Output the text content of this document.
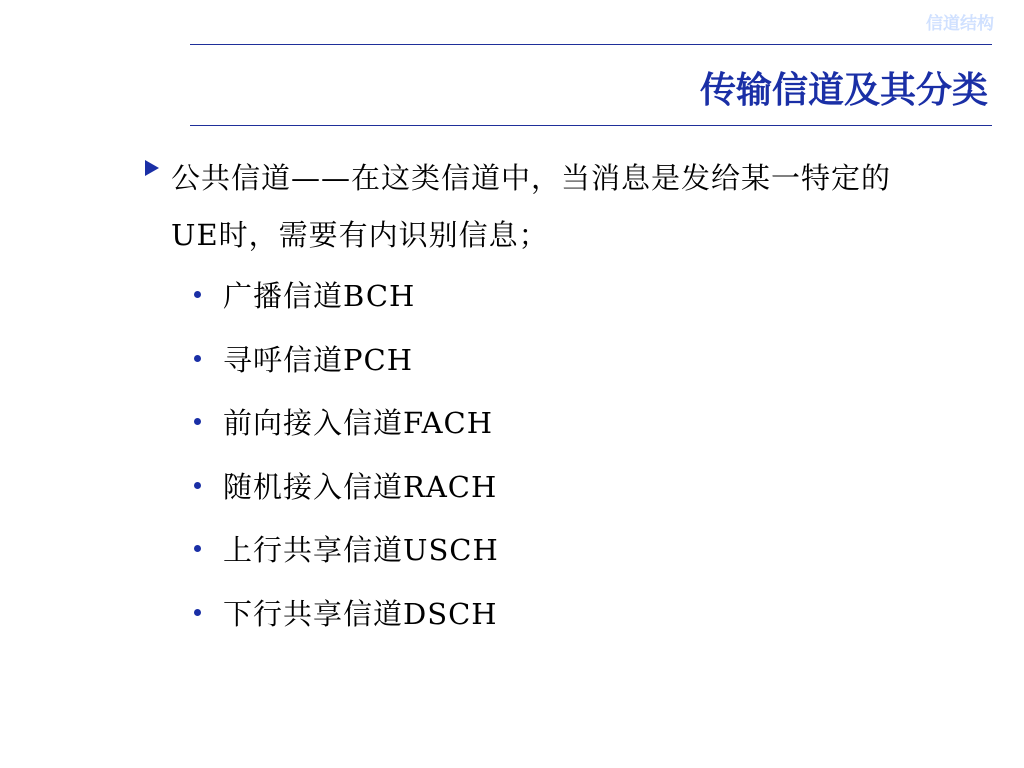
信道结构
传输信道及其分类
公共信道——在这类信道中，当消息是发给某一特定的UE时，需要有内识别信息；
广播信道BCH
寻呼信道PCH
前向接入信道FACH
随机接入信道RACH
上行共享信道USCH
下行共享信道DSCH
